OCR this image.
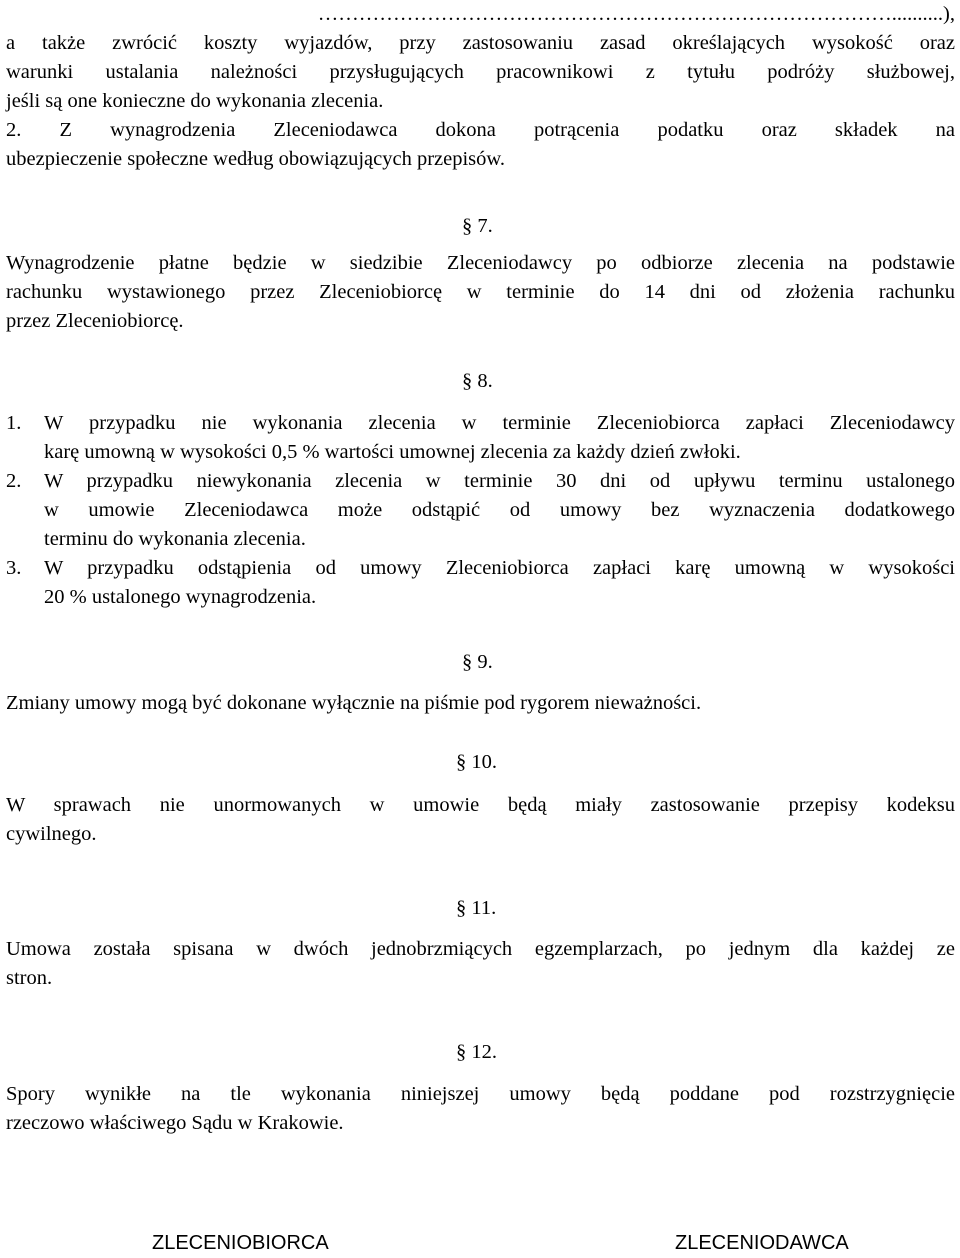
…………………………………………………………………………..........),
a także zwrócić koszty wyjazdów, przy zastosowaniu zasad określających wysokość oraz
warunki ustalania należności przysługujących pracownikowi z tytułu podróży służbowej,
jeśli są one konieczne do wykonania zlecenia.
2. Z wynagrodzenia Zleceniodawca dokona potrącenia podatku oraz składek na
ubezpieczenie społeczne według obowiązujących przepisów.
§ 7.
Wynagrodzenie płatne będzie w siedzibie Zleceniodawcy po odbiorze zlecenia na podstawie
rachunku wystawionego przez Zleceniobiorcę w terminie do 14 dni od złożenia rachunku
przez Zleceniobiorcę.
§ 8.
1. W przypadku nie wykonania zlecenia w terminie Zleceniobiorca zapłaci Zleceniodawcy
karę umowną w wysokości 0,5 % wartości umownej zlecenia za każdy dzień zwłoki.
2. W przypadku niewykonania zlecenia w terminie 30 dni od upływu terminu ustalonego
w umowie Zleceniodawca może odstąpić od umowy bez wyznaczenia dodatkowego
terminu do wykonania zlecenia.
3. W przypadku odstąpienia od umowy Zleceniobiorca zapłaci karę umowną w wysokości
20 % ustalonego wynagrodzenia.
§ 9.
Zmiany umowy mogą być dokonane wyłącznie na piśmie pod rygorem nieważności.
§ 10.
W sprawach nie unormowanych w umowie będą miały zastosowanie przepisy kodeksu
cywilnego.
§ 11.
Umowa została spisana w dwóch jednobrzmiących egzemplarzach, po jednym dla każdej ze
stron.
§ 12.
Spory wynikłe na tle wykonania niniejszej umowy będą poddane pod rozstrzygnięcie
rzeczowo właściwego Sądu w Krakowie.
ZLECENIOBIORCA	ZLECENIODAWCA
